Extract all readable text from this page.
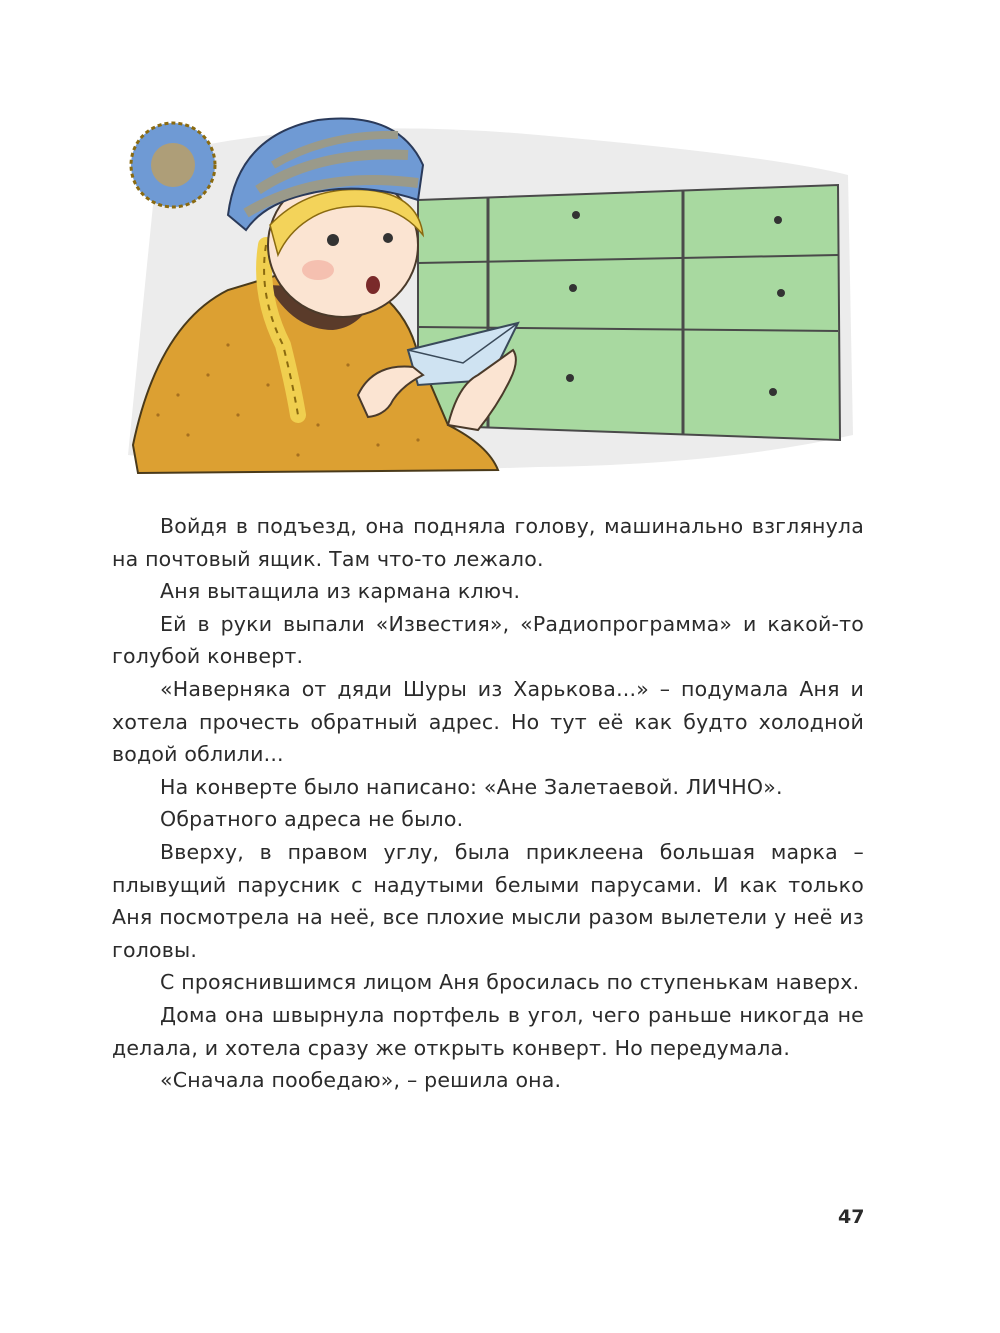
Войдя в подъезд, она подняла голову, машинально взглянула на почтовый ящик. Там что-то лежало.

Аня вытащила из кармана ключ.

Ей в руки выпали «Известия», «Радиопрограмма» и какой-то голубой конверт.

«Наверняка от дяди Шуры из Харькова...» – подумала Аня и хотела прочесть обратный адрес. Но тут её как будто холодной водой облили...

На конверте было написано: «Ане Залетаевой. ЛИЧНО».

Обратного адреса не было.

Вверху, в правом углу, была приклеена большая марка – плывущий парусник с надутыми белыми парусами. И как только Аня посмотрела на неё, все плохие мысли разом вылетели у неё из головы.

С прояснившимся лицом Аня бросилась по ступенькам наверх.

Дома она швырнула портфель в угол, чего раньше никогда не делала, и хотела сразу же открыть конверт. Но передумала.

«Сначала пообедаю», – решила она.

47
